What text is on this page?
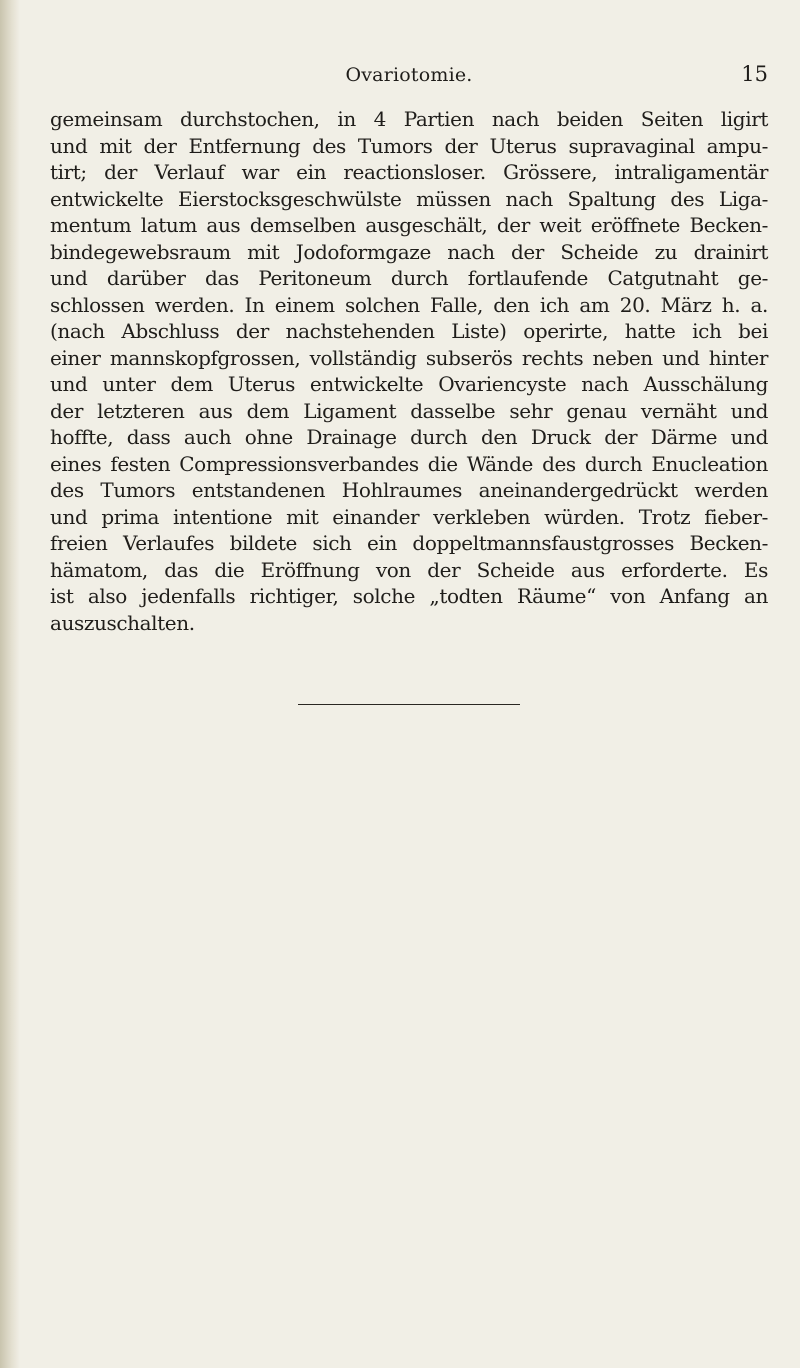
Ovariotomie.	15

gemeinsam durchstochen, in 4 Partien nach beiden Seiten ligirt
und mit der Entfernung des Tumors der Uterus supravaginal ampu-
tirt; der Verlauf war ein reactionsloser. Grössere, intraligamentär
entwickelte Eierstocksgeschwülste müssen nach Spaltung des Liga-
mentum latum aus demselben ausgeschält, der weit eröffnete Becken-
bindegewebsraum mit Jodoformgaze nach der Scheide zu drainirt
und darüber das Peritoneum durch fortlaufende Catgutnaht ge-
schlossen werden. In einem solchen Falle, den ich am 20. März h. a.
(nach Abschluss der nachstehenden Liste) operirte, hatte ich bei
einer mannskopfgrossen, vollständig subserös rechts neben und hinter
und unter dem Uterus entwickelte Ovariencyste nach Ausschälung
der letzteren aus dem Ligament dasselbe sehr genau vernäht und
hoffte, dass auch ohne Drainage durch den Druck der Därme und
eines festen Compressionsverbandes die Wände des durch Enucleation
des Tumors entstandenen Hohlraumes aneinandergedrückt werden
und prima intentione mit einander verkleben würden. Trotz fieber-
freien Verlaufes bildete sich ein doppeltmannsfaustgrosses Becken-
hämatom, das die Eröffnung von der Scheide aus erforderte. Es
ist also jedenfalls richtiger, solche „todten Räume“ von Anfang an
auszuschalten.
